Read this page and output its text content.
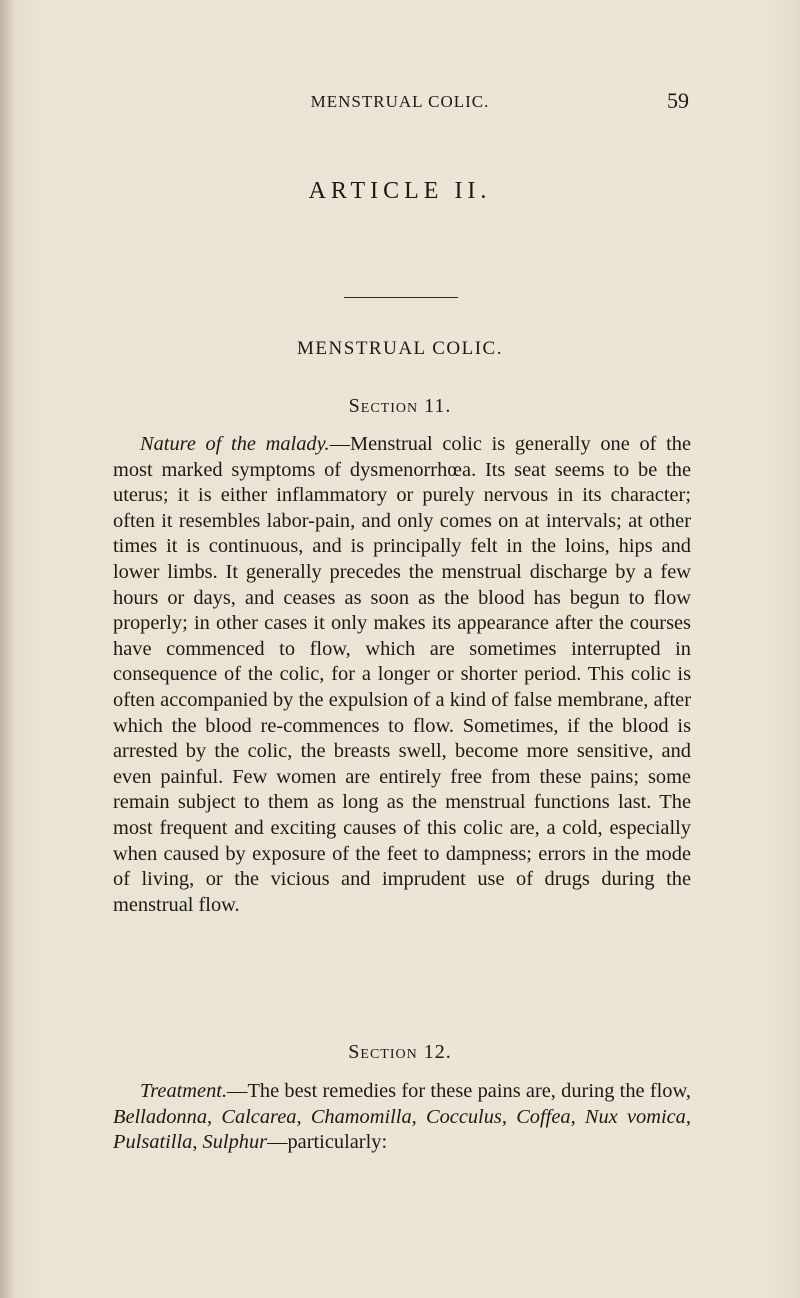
MENSTRUAL COLIC.	59
ARTICLE II.
MENSTRUAL COLIC.
Section 11.

Nature of the malady.—Menstrual colic is generally one of the most marked symptoms of dysmenorrhœa. Its seat seems to be the uterus; it is either inflammatory or purely nervous in its character; often it resembles labor-pain, and only comes on at intervals; at other times it is continuous, and is principally felt in the loins, hips and lower limbs. It generally precedes the menstrual discharge by a few hours or days, and ceases as soon as the blood has begun to flow properly; in other cases it only makes its appearance after the courses have commenced to flow, which are sometimes interrupted in consequence of the colic, for a longer or shorter period. This colic is often accompanied by the expulsion of a kind of false membrane, after which the blood re-commences to flow. Sometimes, if the blood is arrested by the colic, the breasts swell, become more sensitive, and even painful. Few women are entirely free from these pains; some remain subject to them as long as the menstrual functions last. The most frequent and exciting causes of this colic are, a cold, especially when caused by exposure of the feet to dampness; errors in the mode of living, or the vicious and imprudent use of drugs during the menstrual flow.

Section 12.

Treatment.—The best remedies for these pains are, during the flow, Belladonna, Calcarea, Chamomilla, Cocculus, Coffea, Nux vomica, Pulsatilla, Sulphur—particularly:
